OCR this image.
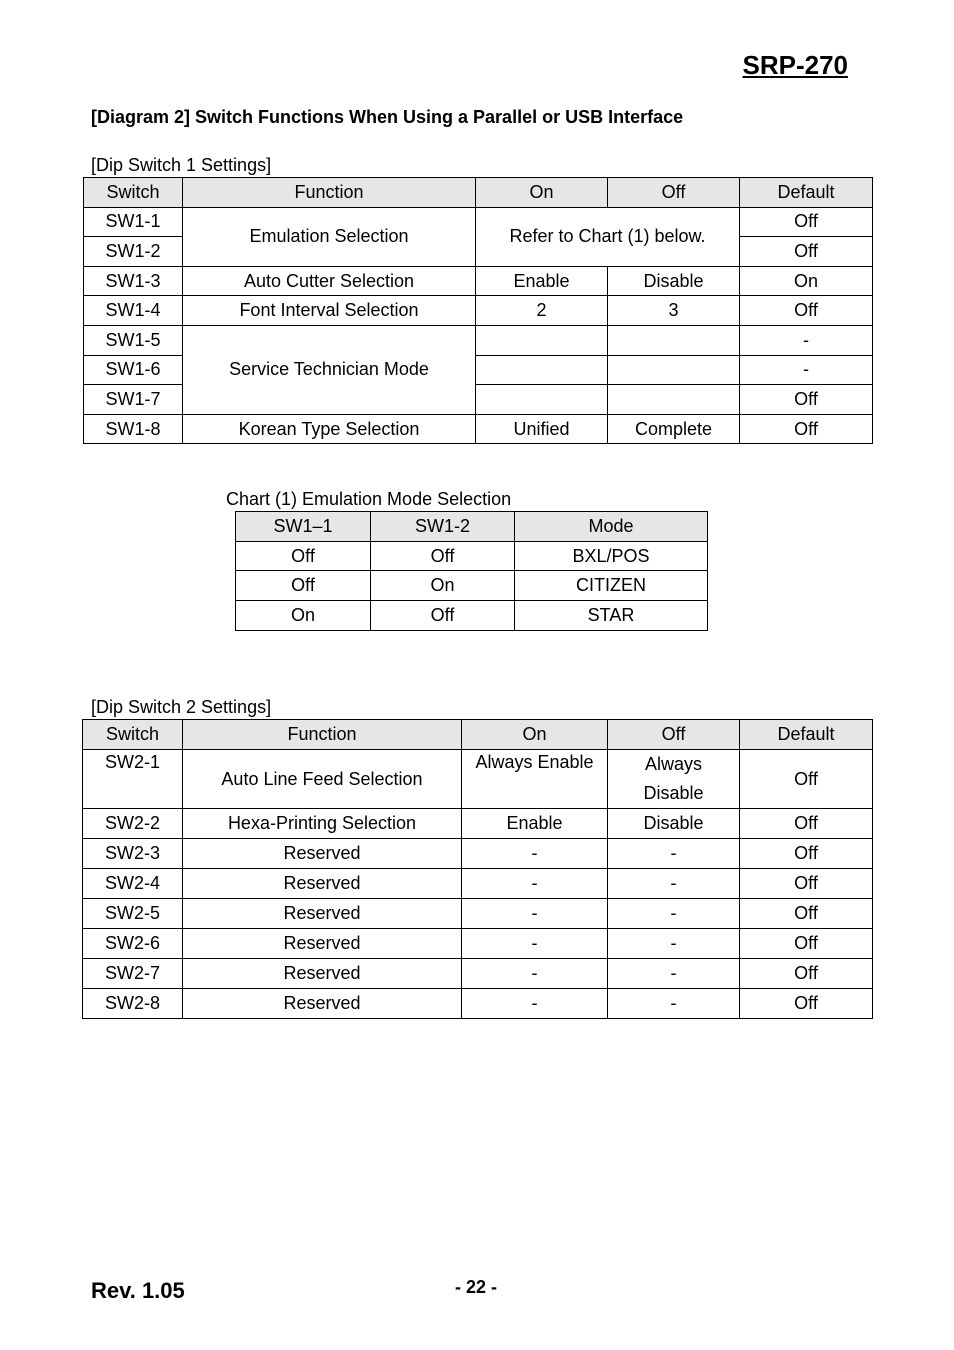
SRP-270
[Diagram 2] Switch Functions When Using a Parallel or USB Interface
[Dip Switch 1 Settings]
Switch	Function	On	Off	Default
SW1-1	Emulation Selection	Refer to Chart (1) below.		Off
SW1-2				Off
SW1-3	Auto Cutter Selection	Enable	Disable	On
SW1-4	Font Interval Selection	2	3	Off
SW1-5	Service Technician Mode			-
SW1-6				-
SW1-7				Off
SW1-8	Korean Type Selection	Unified	Complete	Off
Chart (1) Emulation Mode Selection
SW1–1	SW1-2	Mode
Off	Off	BXL/POS
Off	On	CITIZEN
On	Off	STAR
[Dip Switch 2 Settings]
Switch	Function	On	Off	Default
SW2-1	Auto Line Feed Selection	Always Enable	Always Disable	Off
SW2-2	Hexa-Printing Selection	Enable	Disable	Off
SW2-3	Reserved	-	-	Off
SW2-4	Reserved	-	-	Off
SW2-5	Reserved	-	-	Off
SW2-6	Reserved	-	-	Off
SW2-7	Reserved	-	-	Off
SW2-8	Reserved	-	-	Off
Rev. 1.05	- 22 -
